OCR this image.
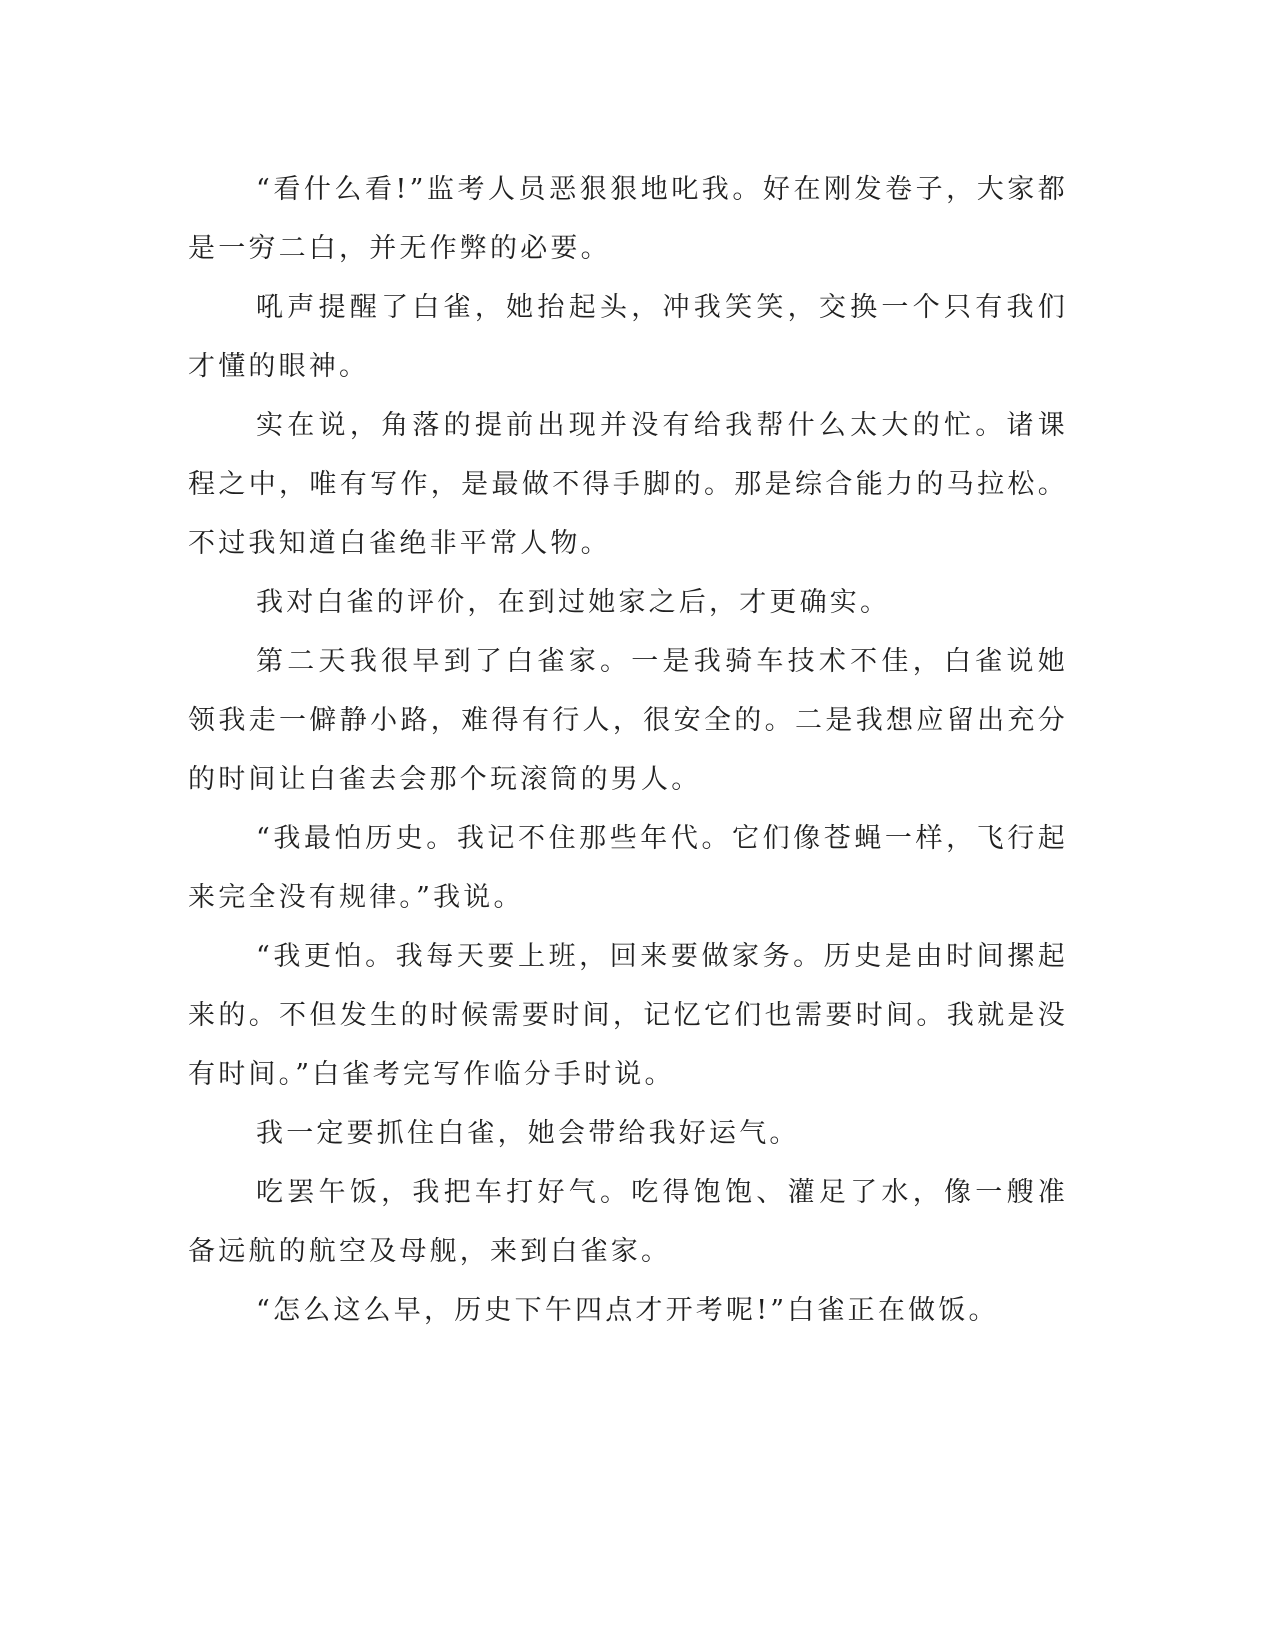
“看什么看!”监考人员恶狠狠地叱我。好在刚发卷子，大家都是一穷二白，并无作弊的必要。

吼声提醒了白雀，她抬起头，冲我笑笑，交换一个只有我们才懂的眼神。

实在说，角落的提前出现并没有给我帮什么太大的忙。诸课程之中，唯有写作，是最做不得手脚的。那是综合能力的马拉松。不过我知道白雀绝非平常人物。

我对白雀的评价，在到过她家之后，才更确实。

第二天我很早到了白雀家。一是我骑车技术不佳，白雀说她领我走一僻静小路，难得有行人，很安全的。二是我想应留出充分的时间让白雀去会那个玩滚筒的男人。

“我最怕历史。我记不住那些年代。它们像苍蝇一样，飞行起来完全没有规律。”我说。

“我更怕。我每天要上班，回来要做家务。历史是由时间摞起来的。不但发生的时候需要时间，记忆它们也需要时间。我就是没有时间。”白雀考完写作临分手时说。

我一定要抓住白雀，她会带给我好运气。

吃罢午饭，我把车打好气。吃得饱饱、灌足了水，像一艘准备远航的航空及母舰，来到白雀家。

“怎么这么早，历史下午四点才开考呢!”白雀正在做饭。
